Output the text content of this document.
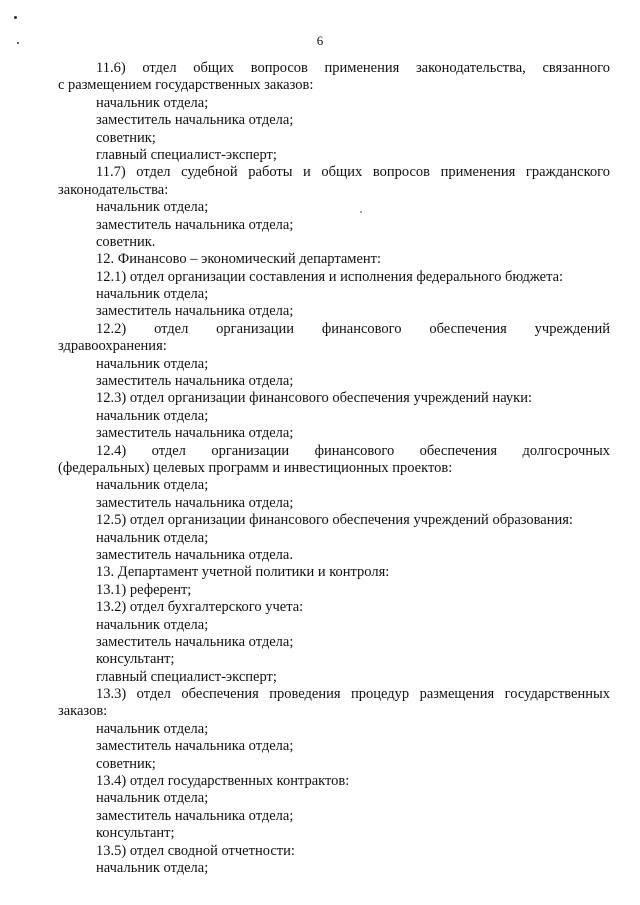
6
11.6) отдел общих вопросов применения законодательства, связанного
с размещением государственных заказов:
начальник отдела;
заместитель начальника отдела;
советник;
главный специалист-эксперт;
11.7) отдел судебной работы и общих вопросов применения гражданского
законодательства:
начальник отдела;
заместитель начальника отдела;
советник.
12. Финансово – экономический департамент:
12.1) отдел организации составления и исполнения федерального бюджета:
начальник отдела;
заместитель начальника отдела;
12.2) отдел организации финансового обеспечения учреждений
здравоохранения:
начальник отдела;
заместитель начальника отдела;
12.3) отдел организации финансового обеспечения учреждений науки:
начальник отдела;
заместитель начальника отдела;
12.4) отдел организации финансового обеспечения долгосрочных
(федеральных) целевых программ и инвестиционных проектов:
начальник отдела;
заместитель начальника отдела;
12.5) отдел организации финансового обеспечения учреждений образования:
начальник отдела;
заместитель начальника отдела.
13. Департамент учетной политики и контроля:
13.1) референт;
13.2) отдел бухгалтерского учета:
начальник отдела;
заместитель начальника отдела;
консультант;
главный специалист-эксперт;
13.3) отдел обеспечения проведения процедур размещения государственных
заказов:
начальник отдела;
заместитель начальника отдела;
советник;
13.4) отдел государственных контрактов:
начальник отдела;
заместитель начальника отдела;
консультант;
13.5) отдел сводной отчетности:
начальник отдела;
